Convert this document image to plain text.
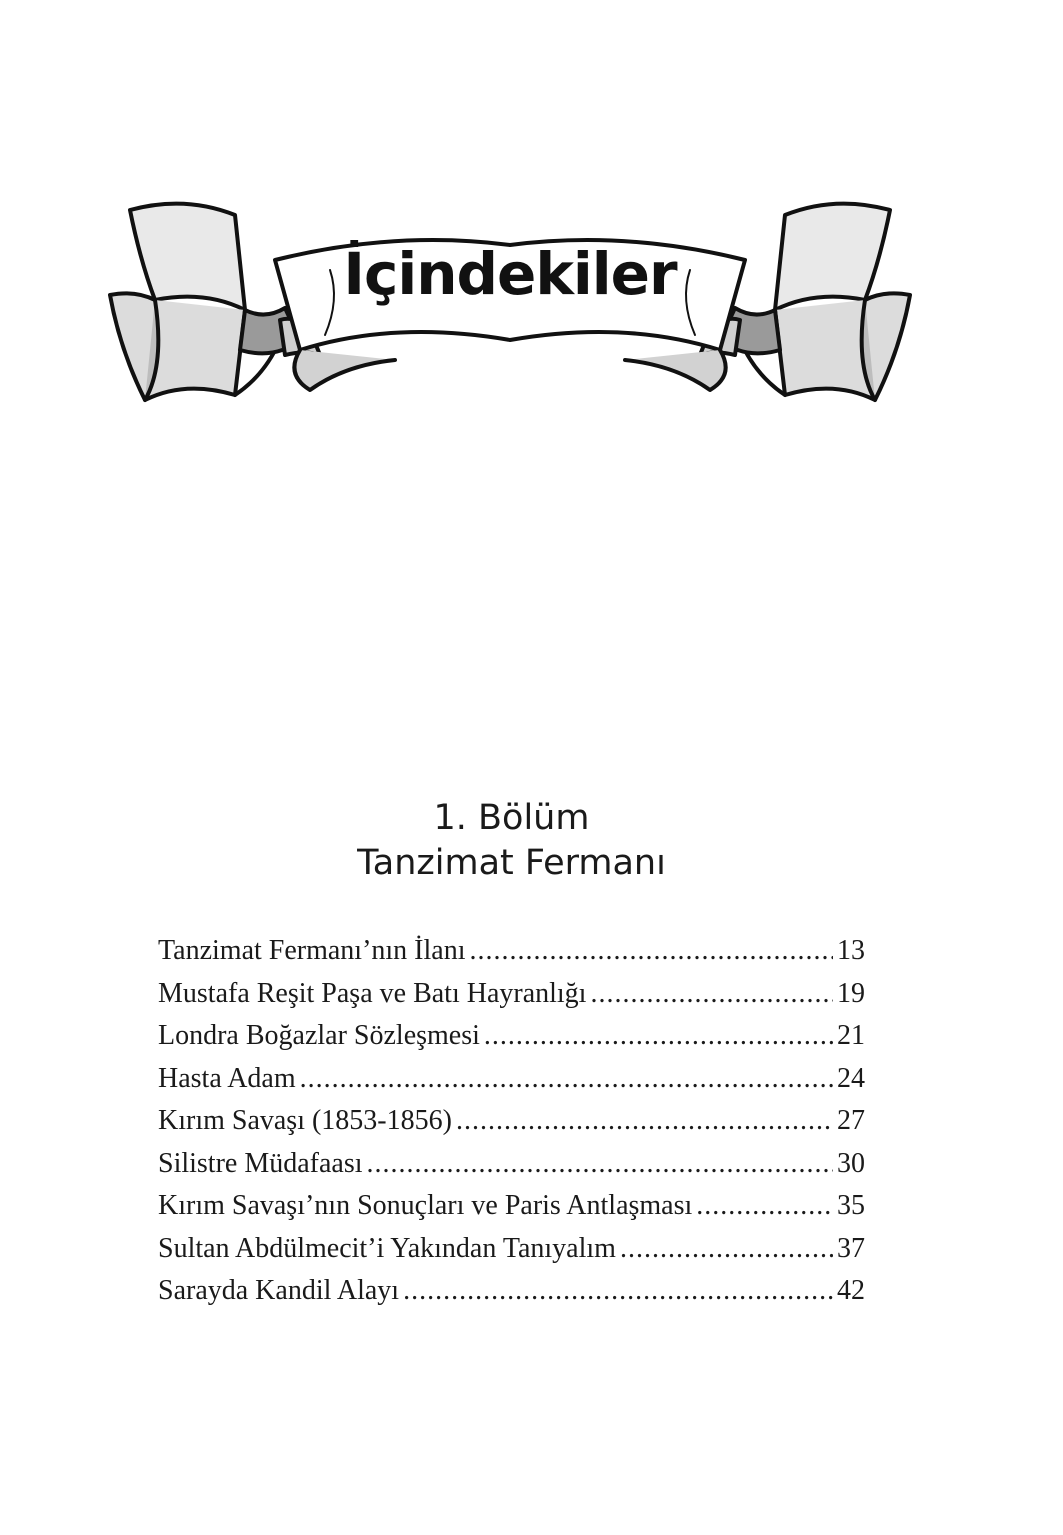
İçindekiler
1. Bölüm
Tanzimat Fermanı
Tanzimat Fermanı’nın İlanı .....	13
Mustafa Reşit Paşa ve Batı Hayranlığı .....	19
Londra Boğazlar Sözleşmesi .....	21
Hasta Adam .....	24
Kırım Savaşı (1853-1856) .....	27
Silistre Müdafaası .....	30
Kırım Savaşı’nın Sonuçları ve Paris Antlaşması .....	35
Sultan Abdülmecit’i Yakından Tanıyalım .....	37
Sarayda Kandil Alayı .....	42
